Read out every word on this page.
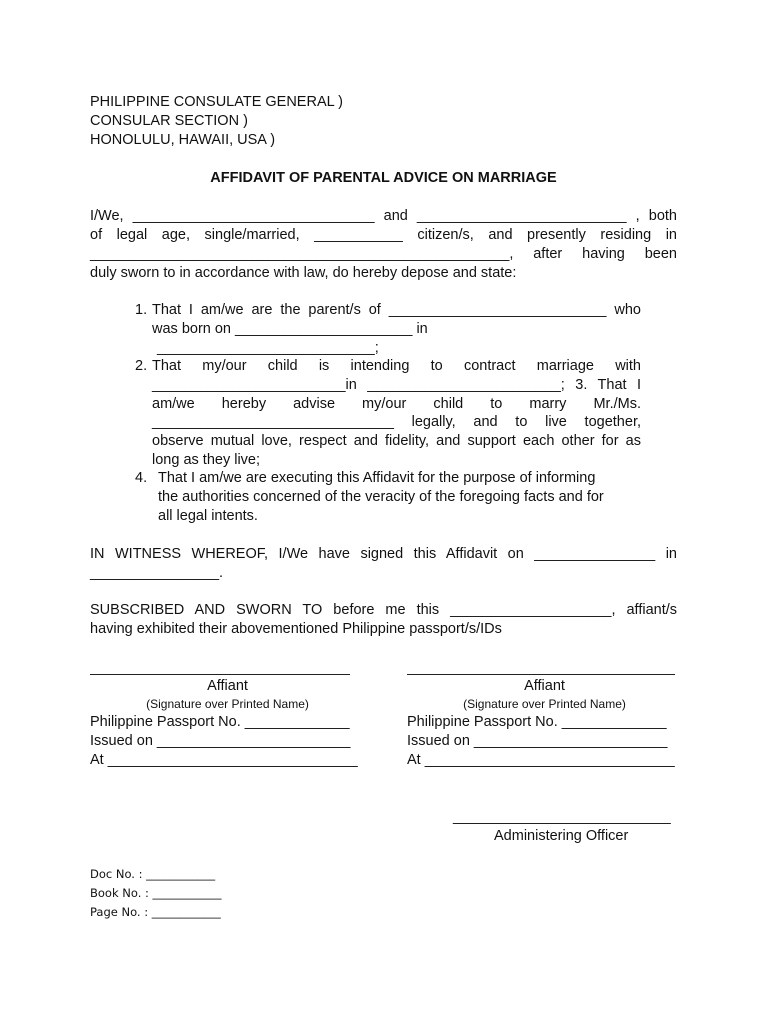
PHILIPPINE CONSULATE GENERAL )
CONSULAR SECTION )
HONOLULU, HAWAII, USA )
AFFIDAVIT OF PARENTAL ADVICE ON MARRIAGE
I/We, ______________________________ and __________________________ , both
of legal age, single/married, ___________ citizen/s, and presently residing in
____________________________________________________, after having been
duly sworn to in accordance with law, do hereby depose and state:
1. That I am/we are the parent/s of ___________________________ who
was born on ______________________ in
___________________________;
2. That my/our child is intending to contract marriage with
________________________in ________________________; 3. That I
am/we hereby advise my/our child to marry Mr./Ms.
______________________________ legally, and to live together,
observe mutual love, respect and fidelity, and support each other for as
long as they live;
4. That I am/we are executing this Affidavit for the purpose of informing
the authorities concerned of the veracity of the foregoing facts and for
all legal intents.
IN WITNESS WHEREOF, I/We have signed this Affidavit on _______________ in
________________.
SUBSCRIBED AND SWORN TO before me this ____________________, affiant/s
having exhibited their abovementioned Philippine passport/s/IDs
Affiant
(Signature over Printed Name)
Philippine Passport No. _____________
Issued on ________________________
At _______________________________
Affiant
(Signature over Printed Name)
Philippine Passport No. _____________
Issued on ________________________
At _______________________________
___________________________
Administering Officer
Doc No. : ____________
Book No. : ____________
Page No. : ____________
